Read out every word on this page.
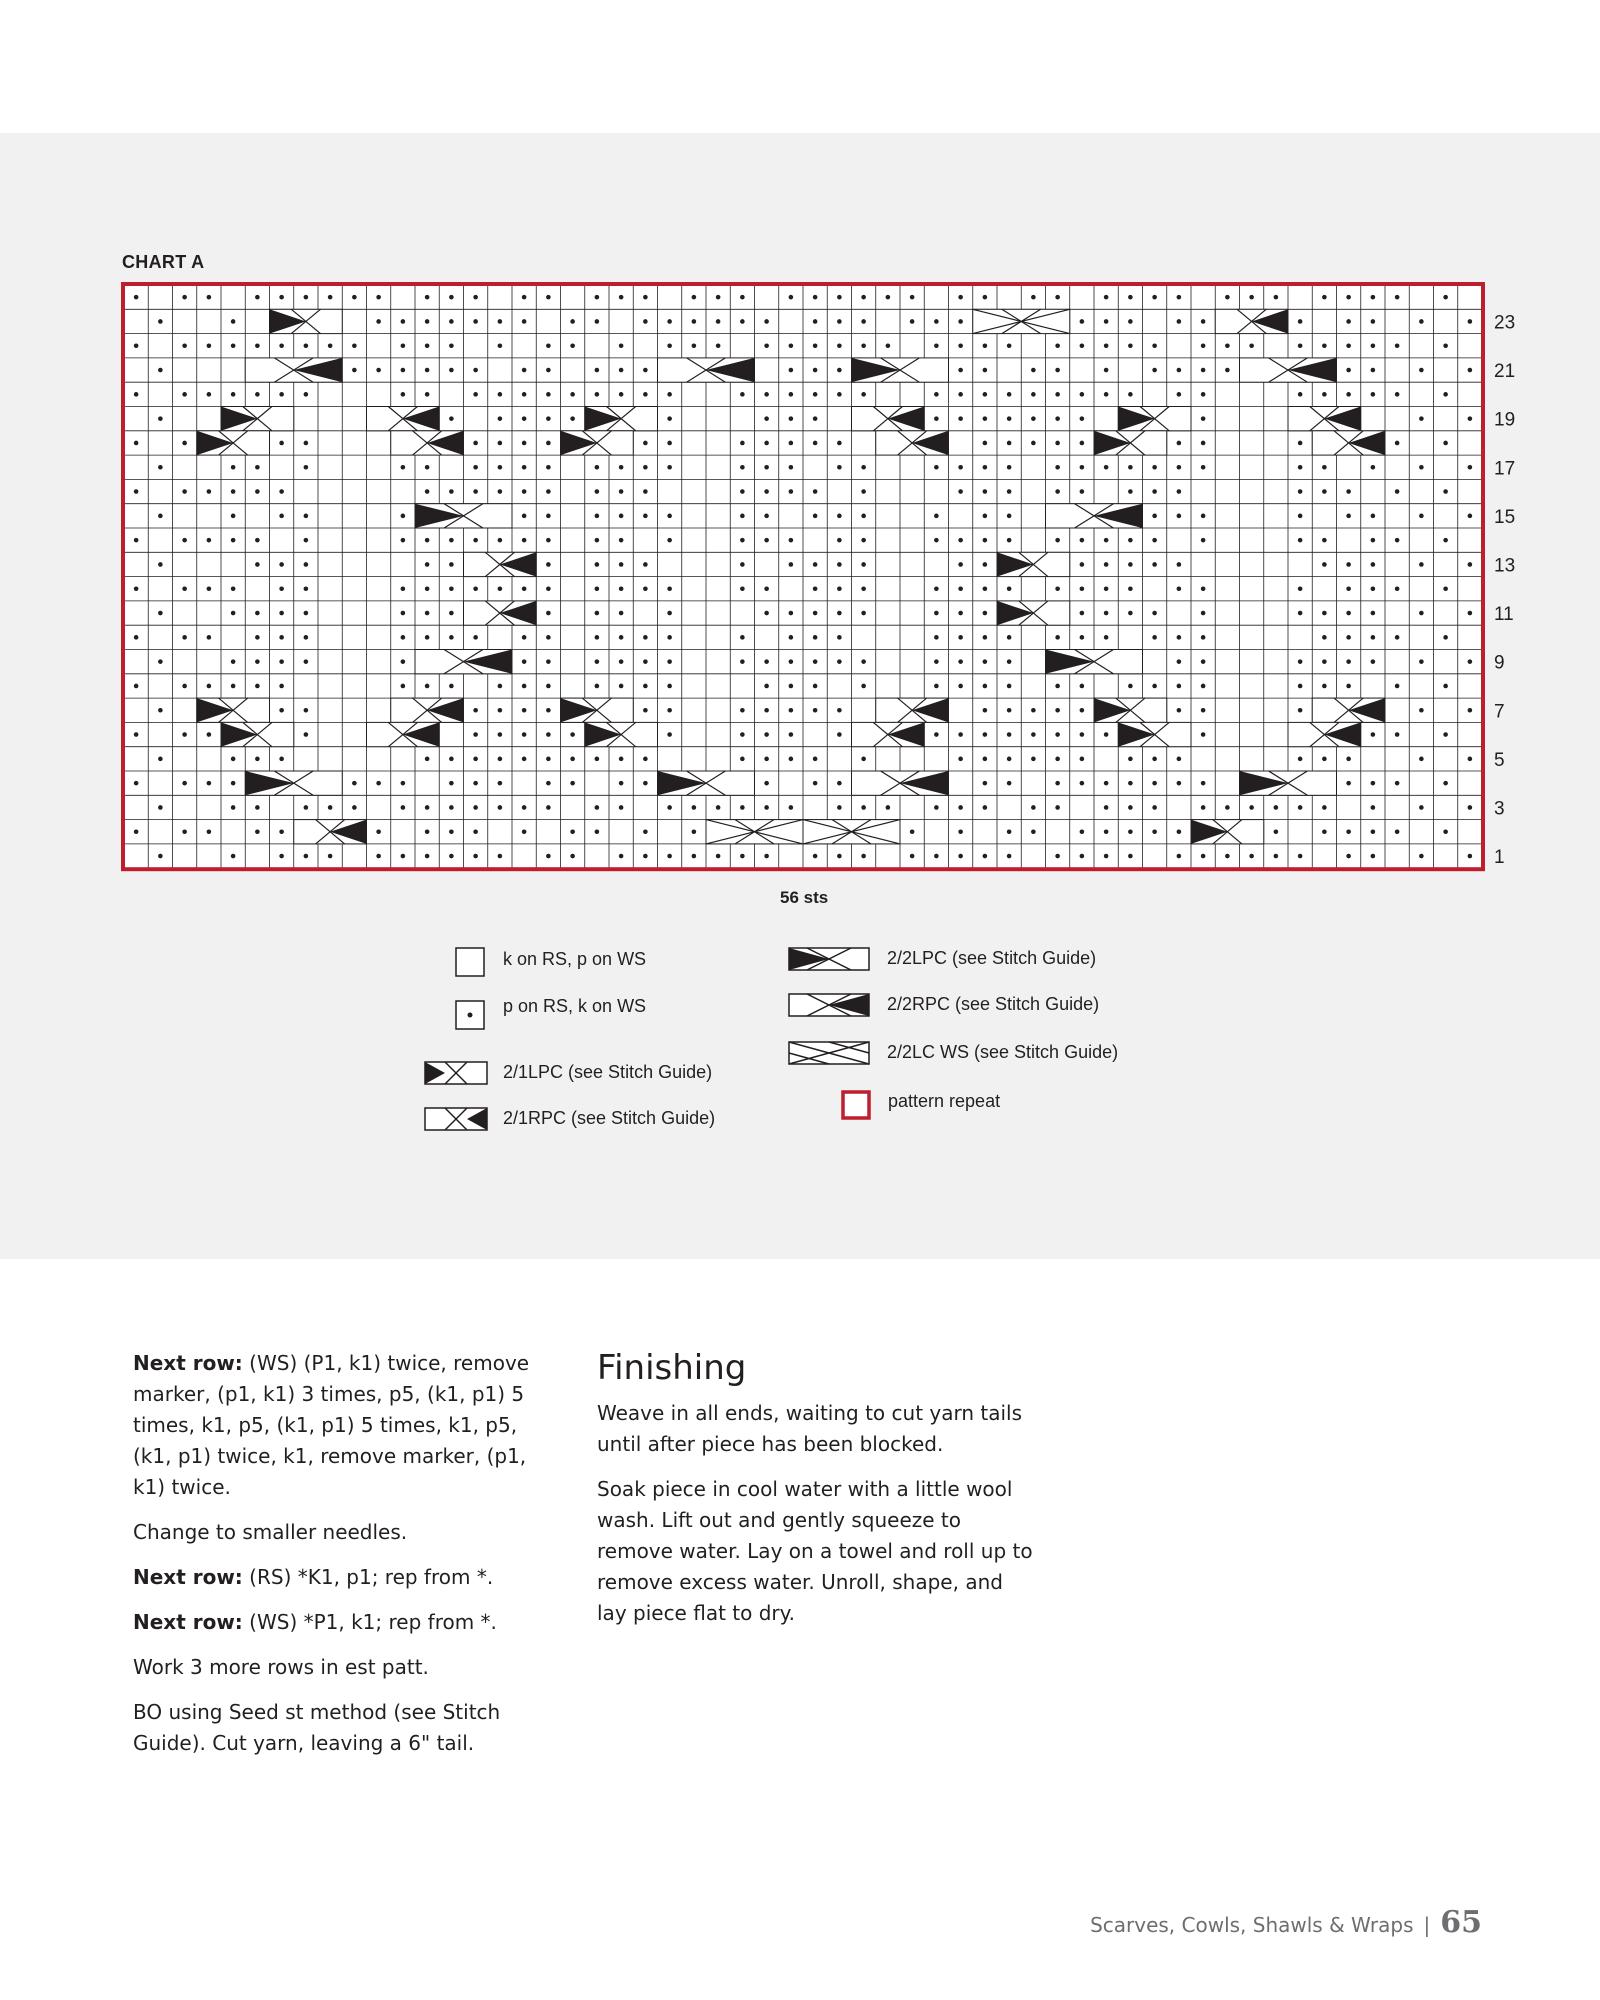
CHART A
23
21
19
17
15
13
11
9
7
5
3
1
56 sts
k on RS, p on WS
p on RS, k on WS
2/1LPC (see Stitch Guide)
2/1RPC (see Stitch Guide)
2/2LPC (see Stitch Guide)
2/2RPC (see Stitch Guide)
2/2LC WS (see Stitch Guide)
pattern repeat

Next row: (WS) (P1, k1) twice, remove marker, (p1, k1) 3 times, p5, (k1, p1) 5 times, k1, p5, (k1, p1) 5 times, k1, p5, (k1, p1) twice, k1, remove marker, (p1, k1) twice.

Change to smaller needles.

Next row: (RS) *K1, p1; rep from *.

Next row: (WS) *P1, k1; rep from *.

Work 3 more rows in est patt.

BO using Seed st method (see Stitch Guide). Cut yarn, leaving a 6" tail.

Finishing

Weave in all ends, waiting to cut yarn tails until after piece has been blocked.

Soak piece in cool water with a little wool wash. Lift out and gently squeeze to remove water. Lay on a towel and roll up to remove excess water. Unroll, shape, and lay piece flat to dry.

Scarves, Cowls, Shawls & Wraps | 65
